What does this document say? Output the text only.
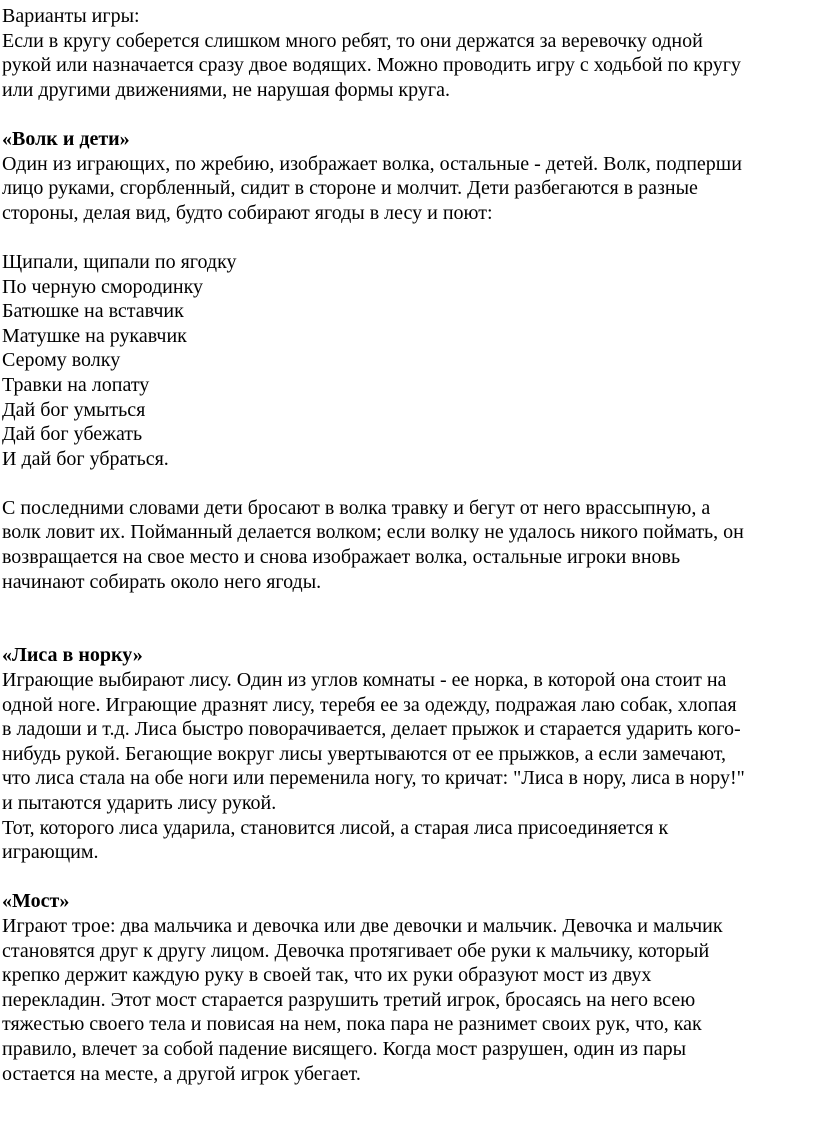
Варианты игры:

Если в кругу соберется слишком много ребят, то они держатся за веревочку одной

рукой или назначается сразу двое водящих. Можно проводить игру с ходьбой по кругу

или другими движениями, не нарушая формы круга.

«Волк и дети»

Один из играющих, по жребию, изображает волка, остальные - детей. Волк, подперши

лицо руками, сгорбленный, сидит в стороне и молчит. Дети разбегаются в разные

стороны, делая вид, будто собирают ягоды в лесу и поют:

Щипали, щипали по ягодку

По черную смородинку

Батюшке на вставчик

Матушке на рукавчик

Серому волку

Травки на лопату

Дай бог умыться

Дай бог убежать

И дай бог убраться.

С последними словами дети бросают в волка травку и бегут от него врассыпную, а

волк ловит их. Пойманный делается волком; если волку не удалось никого поймать, он

возвращается на свое место и снова изображает волка, остальные игроки вновь

начинают собирать около него ягоды.

«Лиса в норку»

Играющие выбирают лису. Один из углов комнаты - ее норка, в которой она стоит на

одной ноге. Играющие дразнят лису, теребя ее за одежду, подражая лаю собак, хлопая

в ладоши и т.д. Лиса быстро поворачивается, делает прыжок и старается ударить кого-

нибудь рукой. Бегающие вокруг лисы увертываются от ее прыжков, а если замечают,

что лиса стала на обе ноги или переменила ногу, то кричат: "Лиса в нору, лиса в нору!"

и пытаются ударить лису рукой.

Тот, которого лиса ударила, становится лисой, а старая лиса присоединяется к

играющим.

«Мост»

Играют трое: два мальчика и девочка или две девочки и мальчик. Девочка и мальчик

становятся друг к другу лицом. Девочка протягивает обе руки к мальчику, который

крепко держит каждую руку в своей так, что их руки образуют мост из двух

перекладин. Этот мост старается разрушить третий игрок, бросаясь на него всею

тяжестью своего тела и повисая на нем, пока пара не разнимет своих рук, что, как

правило, влечет за собой падение висящего. Когда мост разрушен, один из пары

остается на месте, а другой игрок убегает.
